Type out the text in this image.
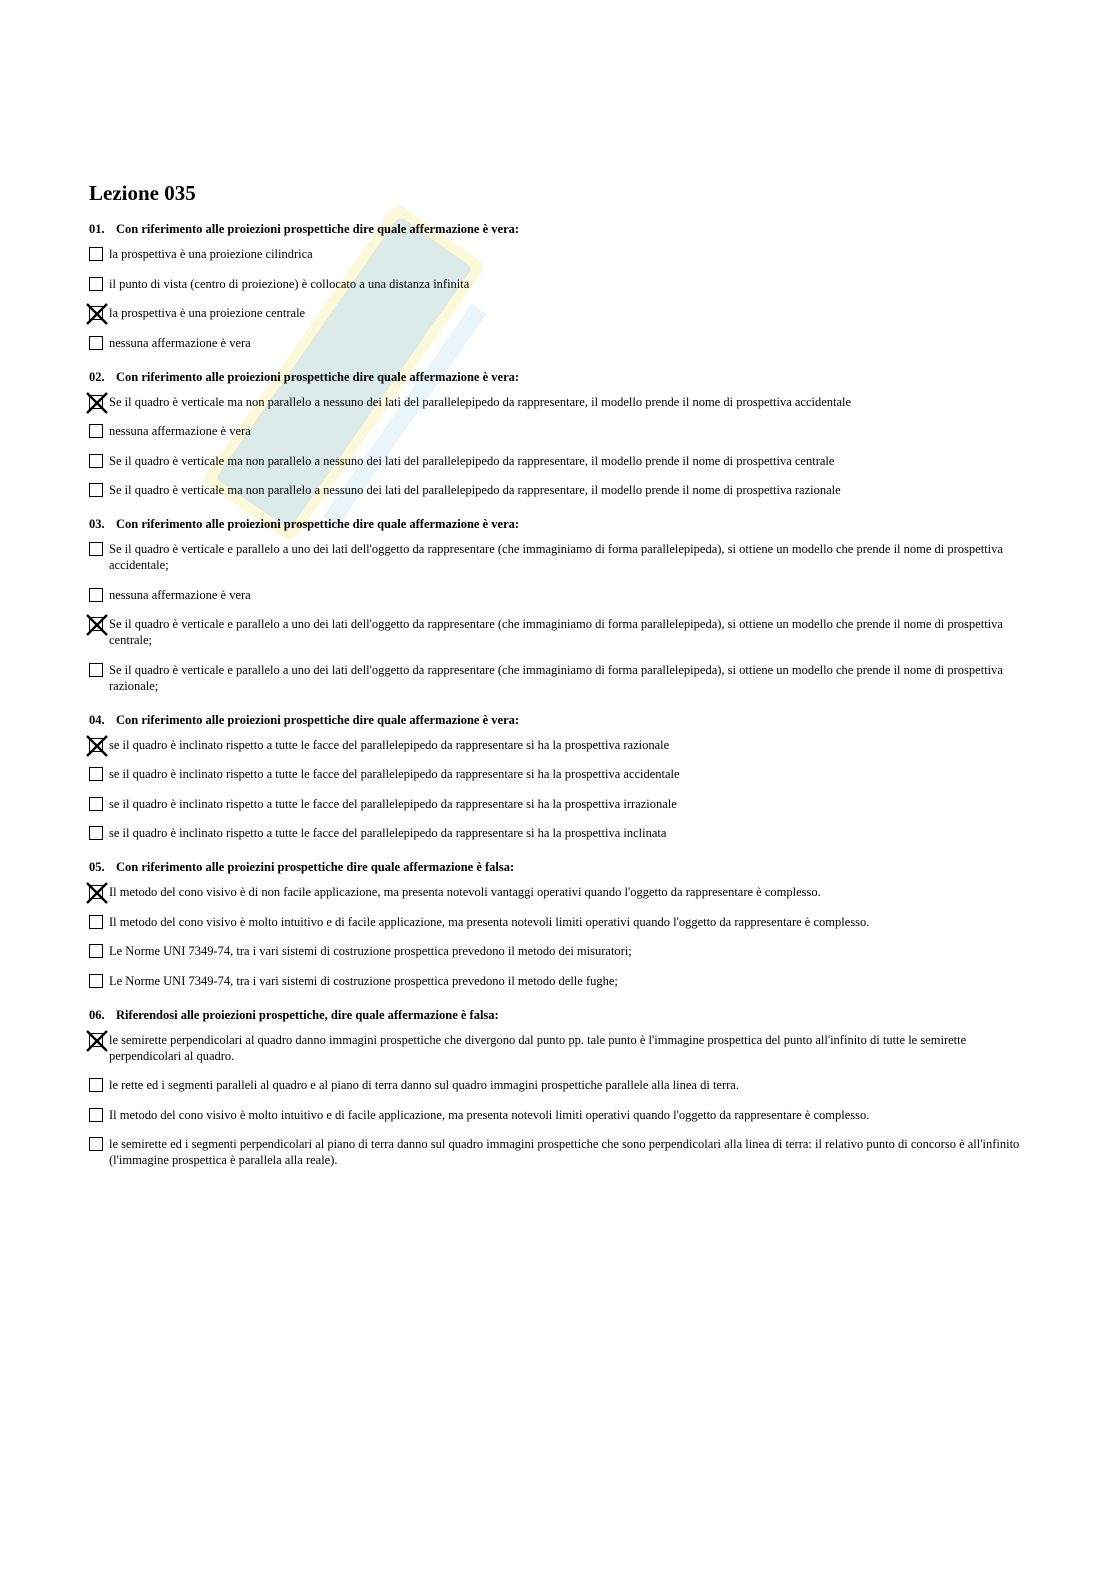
Lezione 035
01. Con riferimento alle proiezioni prospettiche dire quale affermazione è vera:
la prospettiva è una proiezione cilindrica
il punto di vista (centro di proiezione) è collocato a una distanza infinita
la prospettiva è una proiezione centrale
nessuna affermazione è vera
02. Con riferimento alle proiezioni prospettiche dire quale affermazione è vera:
Se il quadro è verticale ma non parallelo a nessuno dei lati del parallelepipedo da rappresentare, il modello prende il nome di prospettiva accidentale
nessuna affermazione è vera
Se il quadro è verticale ma non parallelo a nessuno dei lati del parallelepipedo da rappresentare, il modello prende il nome di prospettiva centrale
Se il quadro è verticale ma non parallelo a nessuno dei lati del parallelepipedo da rappresentare, il modello prende il nome di prospettiva razionale
03. Con riferimento alle proiezioni prospettiche dire quale affermazione è vera:
Se il quadro è verticale e parallelo a uno dei lati dell'oggetto da rappresentare (che immaginiamo di forma parallelepipeda), si ottiene un modello che prende il nome di prospettiva accidentale;
nessuna affermazione è vera
Se il quadro è verticale e parallelo a uno dei lati dell'oggetto da rappresentare (che immaginiamo di forma parallelepipeda), si ottiene un modello che prende il nome di prospettiva centrale;
Se il quadro è verticale e parallelo a uno dei lati dell'oggetto da rappresentare (che immaginiamo di forma parallelepipeda), si ottiene un modello che prende il nome di prospettiva razionale;
04. Con riferimento alle proiezioni prospettiche dire quale affermazione è vera:
se il quadro è inclinato rispetto a tutte le facce del parallelepipedo da rappresentare si ha la prospettiva razionale
se il quadro è inclinato rispetto a tutte le facce del parallelepipedo da rappresentare si ha la prospettiva accidentale
se il quadro è inclinato rispetto a tutte le facce del parallelepipedo da rappresentare si ha la prospettiva irrazionale
se il quadro è inclinato rispetto a tutte le facce del parallelepipedo da rappresentare si ha la prospettiva inclinata
05. Con riferimento alle proiezini prospettiche dire quale affermazione è falsa:
Il metodo del cono visivo è di non facile applicazione, ma presenta notevoli vantaggi operativi quando l'oggetto da rappresentare è complesso.
Il metodo del cono visivo è molto intuitivo e di facile applicazione, ma presenta notevoli limiti operativi quando l'oggetto da rappresentare è complesso.
Le Norme UNI 7349-74, tra i vari sistemi di costruzione prospettica prevedono il metodo dei misuratori;
Le Norme UNI 7349-74, tra i vari sistemi di costruzione prospettica prevedono il metodo delle fughe;
06. Riferendosi alle proiezioni prospettiche, dire quale affermazione è falsa:
le semirette perpendicolari al quadro danno immagini prospettiche che divergono dal punto pp. tale punto è l'immagine prospettica del punto all'infinito di tutte le semirette perpendicolari al quadro.
le rette ed i segmenti paralleli al quadro e al piano di terra danno sul quadro immagini prospettiche parallele alla linea di terra.
Il metodo del cono visivo è molto intuitivo e di facile applicazione, ma presenta notevoli limiti operativi quando l'oggetto da rappresentare è complesso.
le semirette ed i segmenti perpendicolari al piano di terra danno sul quadro immagini prospettiche che sono perpendicolari alla linea di terra: il relativo punto di concorso è all'infinito (l'immagine prospettica è parallela alla reale).
